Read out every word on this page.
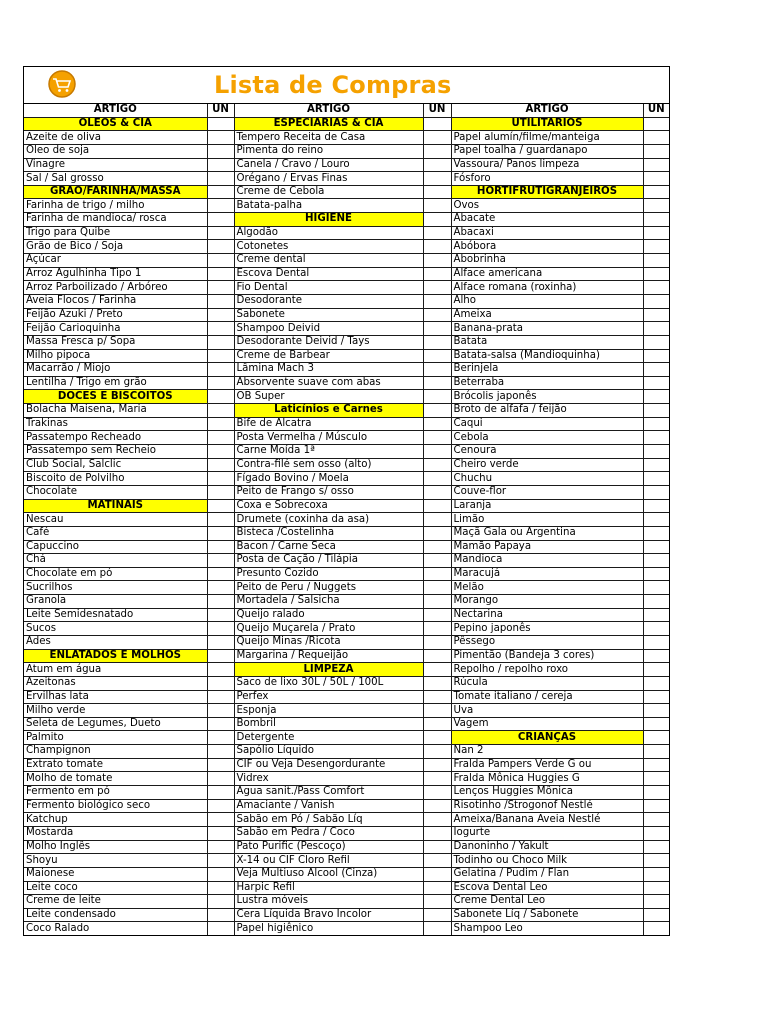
Lista de Compras
ARTIGO	UN	ARTIGO	UN	ARTIGO	UN
ÓLEOS & CIA		ESPECIARIAS & CIA		UTILITÁRIOS	
Azeite de oliva		Tempero Receita de Casa		Papel alumín/filme/manteiga	
Óleo de soja		Pimenta do reino		Papel toalha / guardanapo	
Vinagre		Canela / Cravo / Louro		Vassoura/ Panos limpeza	
Sal / Sal grosso		Orégano / Ervas Finas		Fósforo	
GRÃO/FARINHA/MASSA		Creme de Cebola		HORTIFRUTIGRANJEIROS	
Farinha de trigo / milho		Batata-palha		Ovos	
Farinha de mandioca/ rosca		HIGIENE		Abacate	
Trigo para Quibe		Algodão		Abacaxi	
Grão de Bico / Soja		Cotonetes		Abóbora	
Açúcar		Creme dental		Abobrinha	
Arroz Agulhinha Tipo 1		Escova Dental		Alface americana	
Arroz Parboilizado / Arbóreo		Fio Dental		Alface romana (roxinha)	
Aveia Flocos / Farinha		Desodorante		Alho	
Feijão Azuki / Preto		Sabonete		Ameixa	
Feijão Carioquinha		Shampoo Deivid		Banana-prata	
Massa Fresca p/ Sopa		Desodorante Deivid / Tays		Batata	
Milho pipoca		Creme de Barbear		Batata-salsa (Mandioquinha)	
Macarrão / Miojo		Lâmina Mach 3		Berinjela	
Lentilha / Trigo em grão		Absorvente suave com abas		Beterraba	
DOCES E BISCOITOS		OB Super		Brócolis japonês	
Bolacha Maisena, Maria		Laticínios e Carnes		Broto de alfafa / feijão	
Trakinas		Bife de Alcatra		Caqui	
Passatempo Recheado		Posta Vermelha / Músculo		Cebola	
Passatempo sem Recheio		Carne Moída 1ª		Cenoura	
Club Social, Salclic		Contra-filé sem osso (alto)		Cheiro verde	
Biscoito de Polvilho		Fígado Bovino / Moela		Chuchu	
Chocolate		Peito de Frango s/ osso		Couve-flor	
MATINAIS		Coxa e Sobrecoxa		Laranja	
Nescau		Drumete (coxinha da asa)		Limão	
Café		Bisteca /Costelinha		Maçã Gala ou Argentina	
Capuccino		Bacon / Carne Seca		Mamão Papaya	
Chá		Posta de Cação / Tilápia		Mandioca	
Chocolate em pó		Presunto Cozido		Maracujá	
Sucrilhos		Peito de Peru / Nuggets		Melão	
Granola		Mortadela / Salsicha		Morango	
Leite Semidesnatado		Queijo ralado		Nectarina	
Sucos		Queijo Muçarela / Prato		Pepino japonês	
Ades		Queijo Minas /Ricota		Pêssego	
ENLATADOS E MOLHOS		Margarina / Requeijão		Pimentão (Bandeja 3 cores)	
Atum em água		LIMPEZA		Repolho / repolho roxo	
Azeitonas		Saco de lixo 30L / 50L / 100L		Rúcula	
Ervilhas lata		Perfex		Tomate italiano / cereja	
Milho verde		Esponja		Uva	
Seleta de Legumes, Dueto		Bombril		Vagem	
Palmito		Detergente		CRIANÇAS	
Champignon		Sapólio Líquido		Nan 2	
Extrato tomate		CIF ou Veja Desengordurante		Fralda Pampers Verde G ou	
Molho de tomate		Vidrex		Fralda Mônica Huggies G	
Fermento em pó		Água sanit./Pass Comfort		Lenços Huggies Mônica	
Fermento biológico seco		Amaciante / Vanish		Risotinho /Strogonof Nestlé	
Katchup		Sabão em Pó / Sabão Líq		Ameixa/Banana Aveia Nestlé	
Mostarda		Sabão em Pedra / Coco		Iogurte	
Molho Inglês		Pato Purific (Pescoço)		Danoninho / Yakult	
Shoyu		X-14 ou CIF Cloro Refil		Todinho ou Choco Milk	
Maionese		Veja Multiuso Álcool (Cinza)		Gelatina / Pudim / Flan	
Leite coco		Harpic Refil		Escova Dental Leo	
Creme de leite		Lustra móveis		Creme Dental Leo	
Leite condensado		Cera Líquida Bravo Incolor		Sabonete Líq / Sabonete	
Coco Ralado		Papel higiênico		Shampoo Leo	
